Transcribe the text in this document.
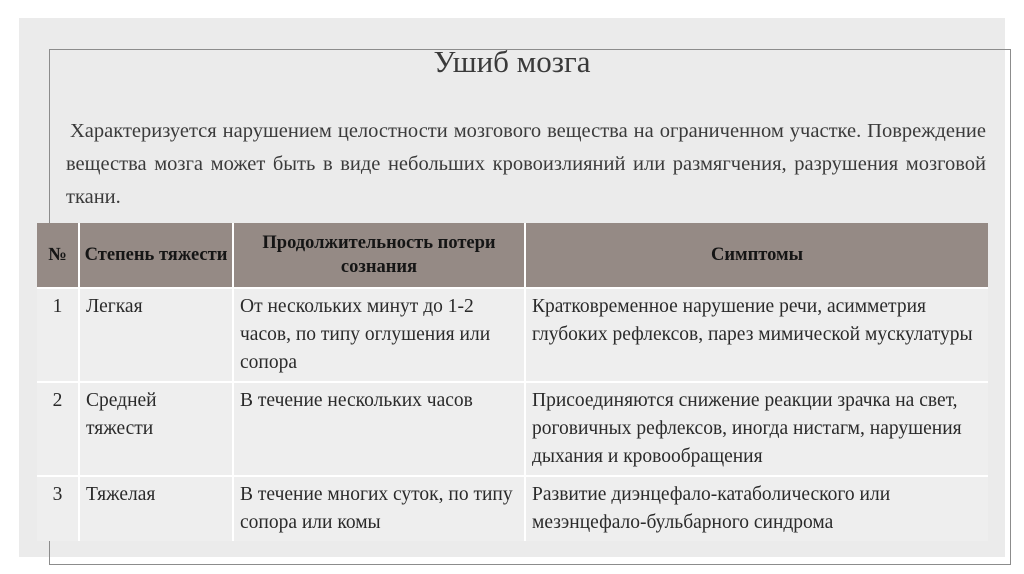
Ушиб мозга

Характеризуется нарушением целостности мозгового вещества на ограниченном участке. Повреждение вещества мозга может быть в виде небольших кровоизлияний или размягчения, разрушения мозговой ткани.

№	Степень тяжести	Продолжительность потери сознания	Симптомы
1	Легкая	От нескольких минут до 1-2 часов, по типу оглушения или сопора	Кратковременное нарушение речи, асимметрия глубоких рефлексов, парез мимической мускулатуры
2	Средней тяжести	В течение нескольких часов	Присоединяются снижение реакции зрачка на свет, роговичных рефлексов, иногда нистагм, нарушения дыхания и кровообращения
3	Тяжелая	В течение многих суток, по типу сопора или комы	Развитие диэнцефало-катаболического или мезэнцефало-бульбарного синдрома
